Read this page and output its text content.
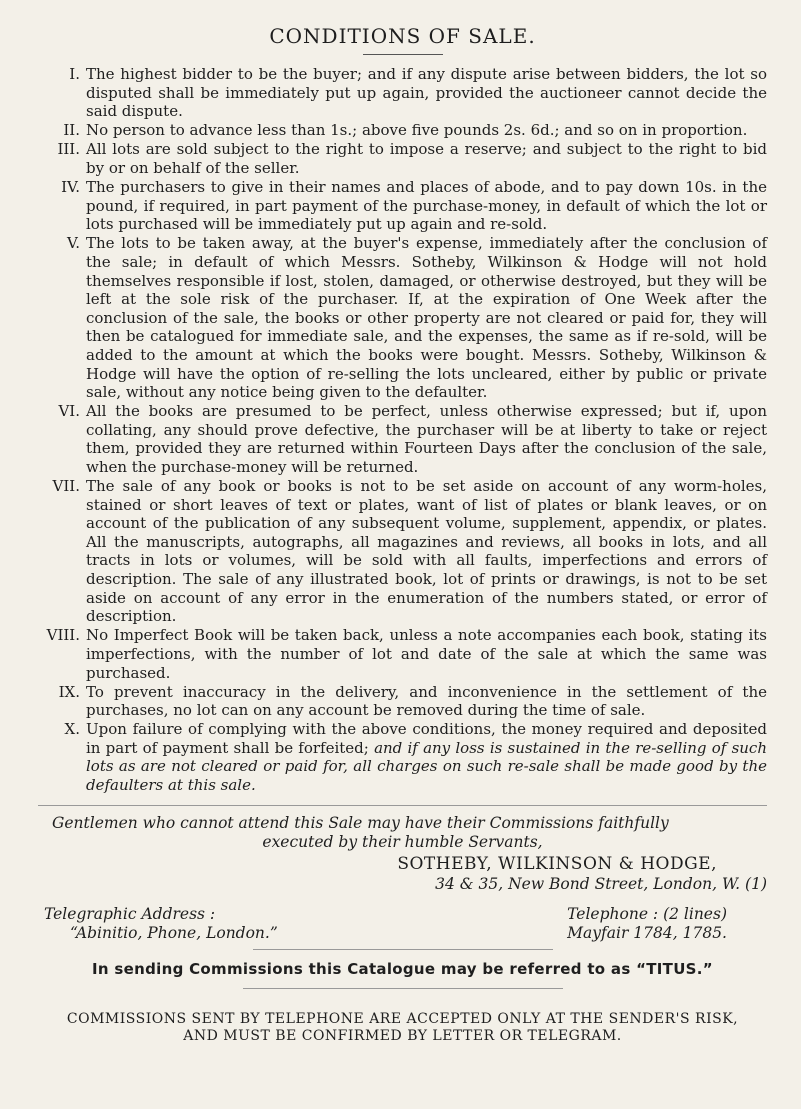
CONDITIONS OF SALE.
I. The highest bidder to be the buyer; and if any dispute arise between bidders, the lot so disputed shall be immediately put up again, provided the auctioneer cannot decide the said dispute.
II. No person to advance less than 1s.; above five pounds 2s. 6d.; and so on in proportion.
III. All lots are sold subject to the right to impose a reserve; and subject to the right to bid by or on behalf of the seller.
IV. The purchasers to give in their names and places of abode, and to pay down 10s. in the pound, if required, in part payment of the purchase-money, in default of which the lot or lots purchased will be immediately put up again and re-sold.
V. The lots to be taken away, at the buyer's expense, immediately after the conclusion of the sale; in default of which Messrs. Sotheby, Wilkinson & Hodge will not hold themselves responsible if lost, stolen, damaged, or otherwise destroyed, but they will be left at the sole risk of the purchaser. If, at the expiration of One Week after the conclusion of the sale, the books or other property are not cleared or paid for, they will then be catalogued for immediate sale, and the expenses, the same as if re-sold, will be added to the amount at which the books were bought. Messrs. Sotheby, Wilkinson & Hodge will have the option of re-selling the lots uncleared, either by public or private sale, without any notice being given to the defaulter.
VI. All the books are presumed to be perfect, unless otherwise expressed; but if, upon collating, any should prove defective, the purchaser will be at liberty to take or reject them, provided they are returned within Fourteen Days after the conclusion of the sale, when the purchase-money will be returned.
VII. The sale of any book or books is not to be set aside on account of any worm-holes, stained or short leaves of text or plates, want of list of plates or blank leaves, or on account of the publication of any subsequent volume, supplement, appendix, or plates. All the manuscripts, autographs, all magazines and reviews, all books in lots, and all tracts in lots or volumes, will be sold with all faults, imperfections and errors of description. The sale of any illustrated book, lot of prints or drawings, is not to be set aside on account of any error in the enumeration of the numbers stated, or error of description.
VIII. No Imperfect Book will be taken back, unless a note accompanies each book, stating its imperfections, with the number of lot and date of the sale at which the same was purchased.
IX. To prevent inaccuracy in the delivery, and inconvenience in the settlement of the purchases, no lot can on any account be removed during the time of sale.
X. Upon failure of complying with the above conditions, the money required and deposited in part of payment shall be forfeited; and if any loss is sustained in the re-selling of such lots as are not cleared or paid for, all charges on such re-sale shall be made good by the defaulters at this sale.
Gentlemen who cannot attend this Sale may have their Commissions faithfully
executed by their humble Servants,
SOTHEBY, WILKINSON & HODGE,
34 & 35, New Bond Street, London, W. (1)
Telegraphic Address :
“Abinitio, Phone, London.”
Telephone : (2 lines)
Mayfair 1784, 1785.
In sending Commissions this Catalogue may be referred to as “TITUS.”
COMMISSIONS SENT BY TELEPHONE ARE ACCEPTED ONLY AT THE SENDER'S RISK,
AND MUST BE CONFIRMED BY LETTER OR TELEGRAM.
